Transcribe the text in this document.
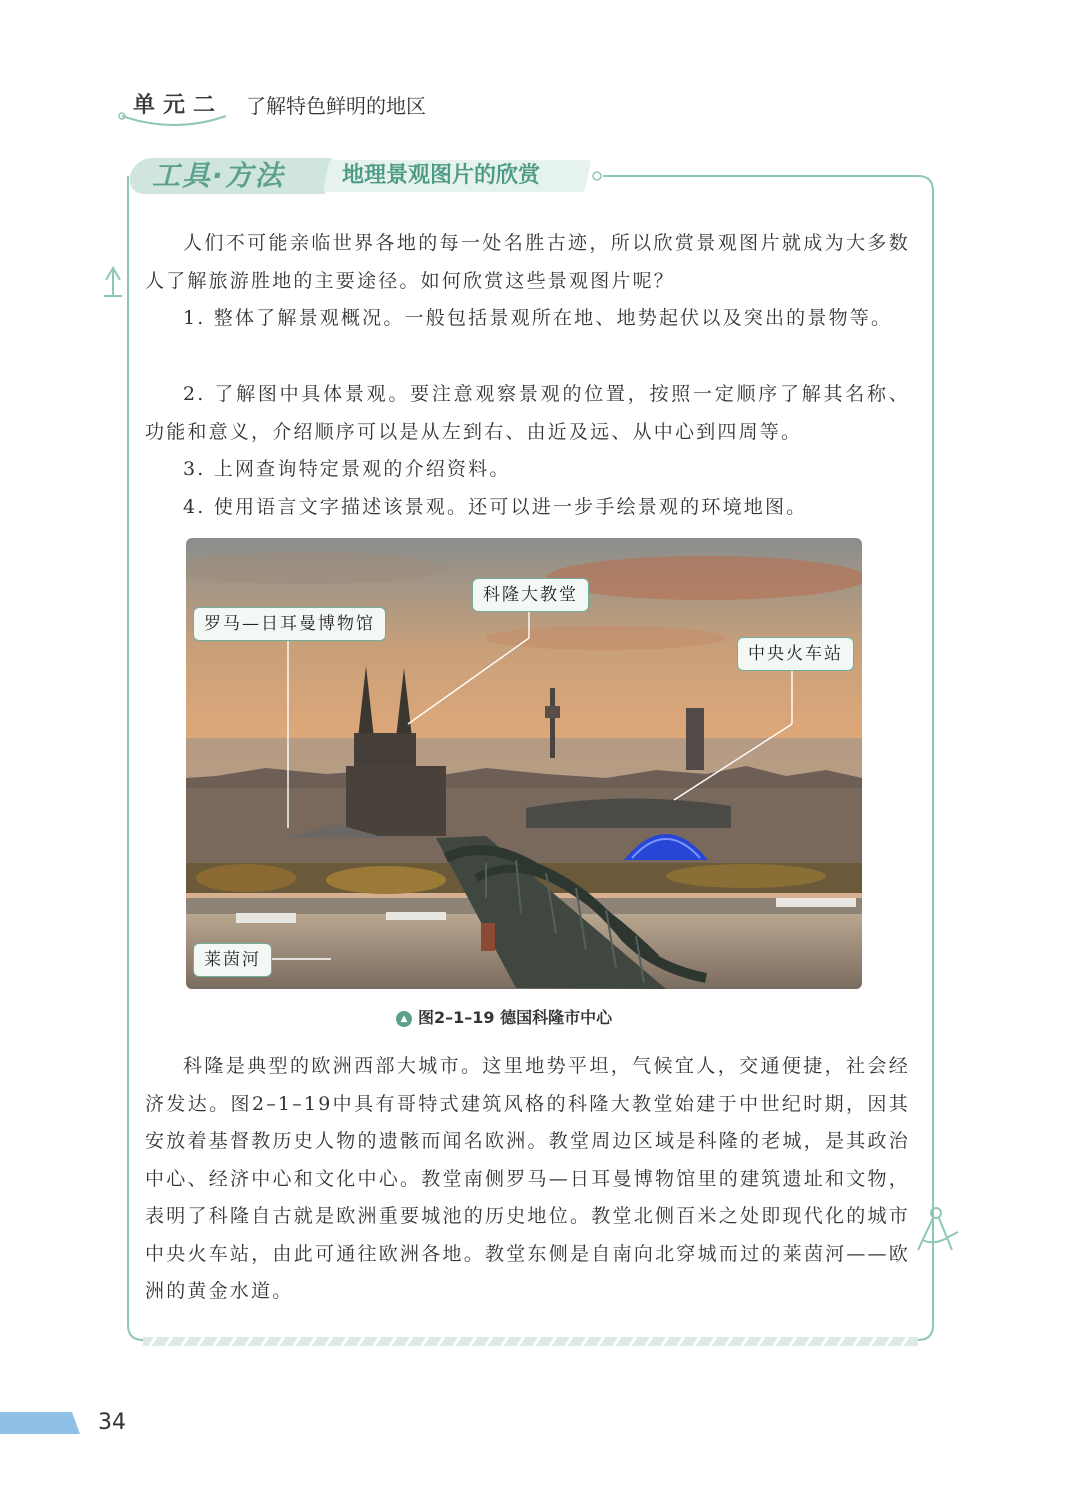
单元二 了解特色鲜明的地区
工具·方法	地理景观图片的欣赏

人们不可能亲临世界各地的每一处名胜古迹，所以欣赏景观图片就成为大多数人了解旅游胜地的主要途径。如何欣赏这些景观图片呢？

1. 整体了解景观概况。一般包括景观所在地、地势起伏以及突出的景物等。

2. 了解图中具体景观。要注意观察景观的位置，按照一定顺序了解其名称、功能和意义，介绍顺序可以是从左到右、由近及远、从中心到四周等。

3. 上网查询特定景观的介绍资料。

4. 使用语言文字描述该景观。还可以进一步手绘景观的环境地图。

科隆大教堂
罗马—日耳曼博物馆
中央火车站
莱茵河
▲ 图2–1–19 德国科隆市中心

科隆是典型的欧洲西部大城市。这里地势平坦，气候宜人，交通便捷，社会经济发达。图2–1–19中具有哥特式建筑风格的科隆大教堂始建于中世纪时期，因其安放着基督教历史人物的遗骸而闻名欧洲。教堂周边区域是科隆的老城，是其政治中心、经济中心和文化中心。教堂南侧罗马—日耳曼博物馆里的建筑遗址和文物，表明了科隆自古就是欧洲重要城池的历史地位。教堂北侧百米之处即现代化的城市中央火车站，由此可通往欧洲各地。教堂东侧是自南向北穿城而过的莱茵河——欧洲的黄金水道。

34
